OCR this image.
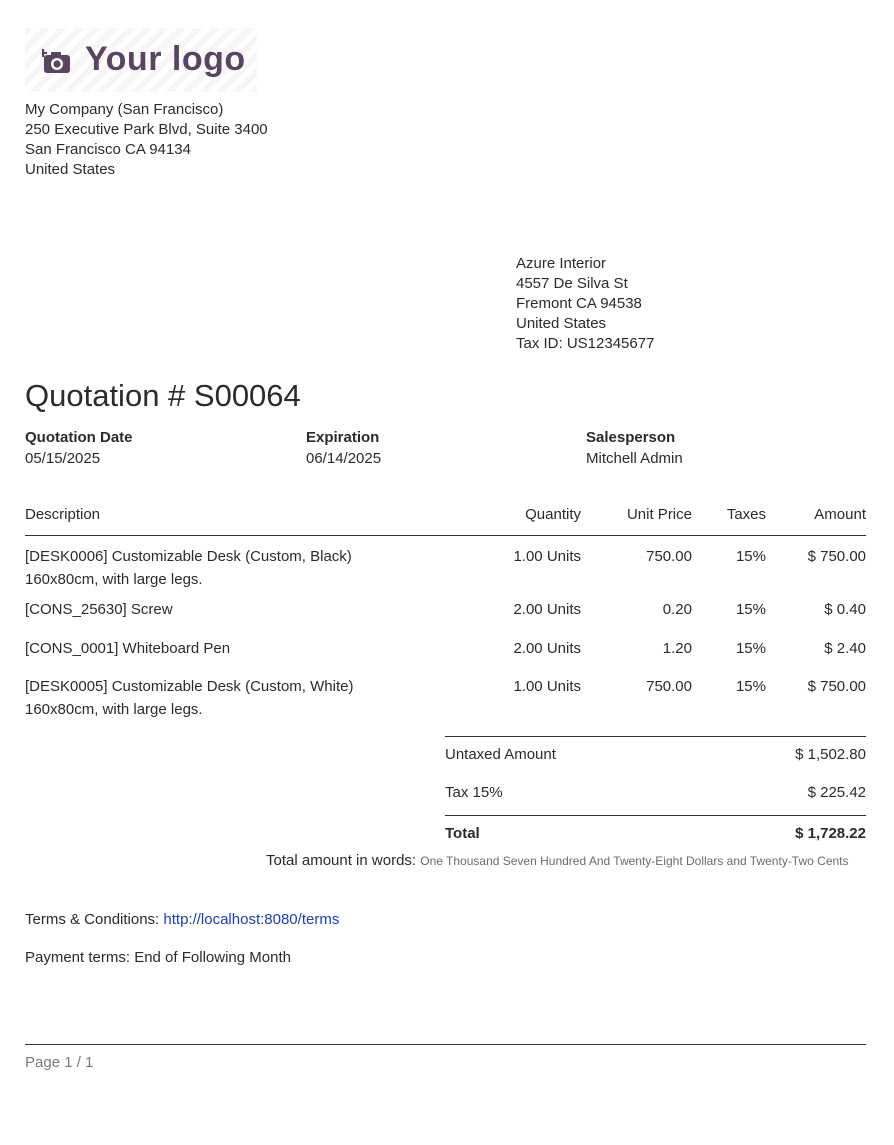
Your logo
My Company (San Francisco)
250 Executive Park Blvd, Suite 3400
San Francisco CA 94134
United States
Azure Interior
4557 De Silva St
Fremont CA 94538
United States
Tax ID: US12345677
Quotation # S00064
Quotation Date
05/15/2025
Expiration
06/14/2025
Salesperson
Mitchell Admin
Description	Quantity	Unit Price	Taxes	Amount

[DESK0006] Customizable Desk (Custom, Black)
160x80cm, with large legs.	1.00 Units	750.00	15%	$ 750.00

[CONS_25630] Screw	2.00 Units	0.20	15%	$ 0.40

[CONS_0001] Whiteboard Pen	2.00 Units	1.20	15%	$ 2.40

[DESK0005] Customizable Desk (Custom, White)
160x80cm, with large legs.	1.00 Units	750.00	15%	$ 750.00
Untaxed Amount	$ 1,502.80
Tax 15%	$ 225.42
Total	$ 1,728.22
Total amount in words: One Thousand Seven Hundred And Twenty-Eight Dollars and Twenty-Two Cents
Terms & Conditions: http://localhost:8080/terms
Payment terms: End of Following Month
Page 1 / 1
